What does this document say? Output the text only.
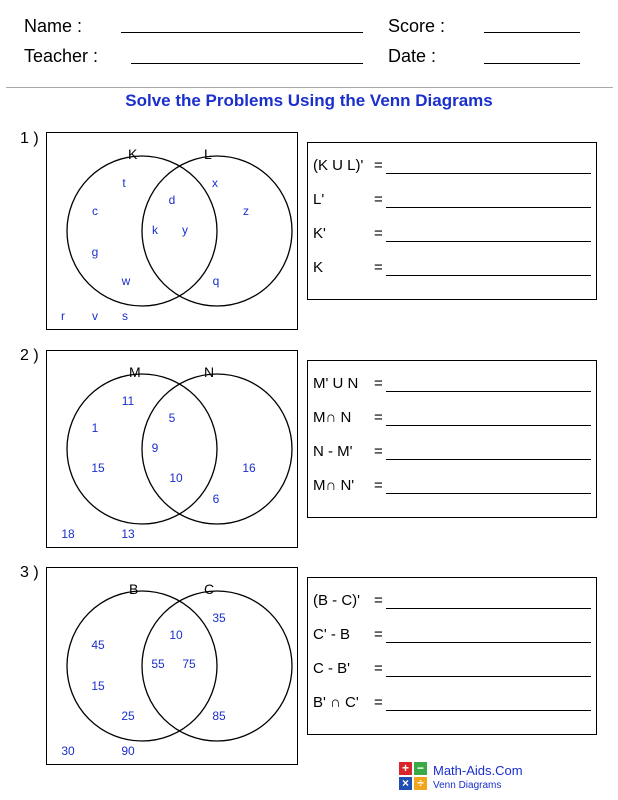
Name :	Score :
Teacher :	Date :
Solve the Problems Using the Venn Diagrams
1 )
K	L
t
c
g
w
d
k y
x
z
q
r v s
(K U L)' =
L'	=
K'	=
K	=
2 )
M	N
11
1
15
5
9
10
16
6
18	13
M' U N =
M∩ N =
N - M' =
M∩ N' =
3 )
B	C
45
15
25
10
55 75
35
85
30	90
(B - C)' =
C' - B =
C - B' =
B' ∩ C' =
+ −
× ÷
Math-Aids.Com
Venn Diagrams
